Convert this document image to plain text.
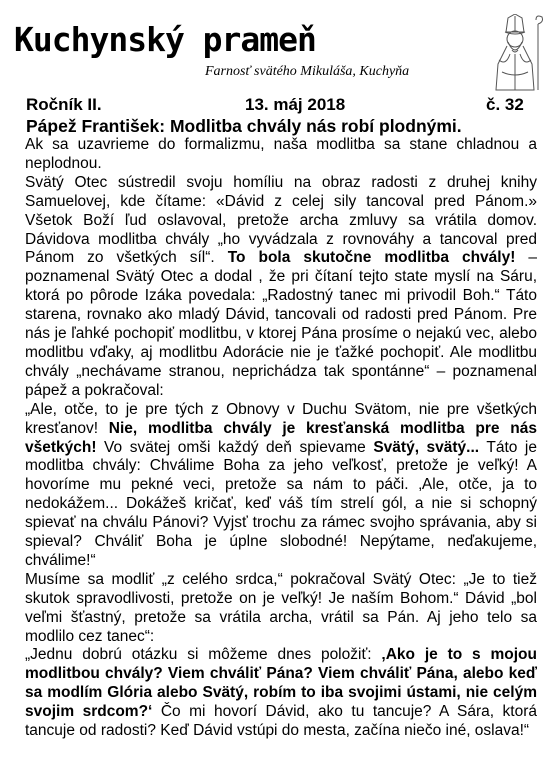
Kuchynský prameň
Farnosť svätého Mikuláša, Kuchyňa
Ročník II.	13. máj 2018	č. 32
Pápež František: Modlitba chvály nás robí plodnými.

Ak sa uzavrieme do formalizmu, naša modlitba sa stane chladnou a neplodnou.

Svätý Otec sústredil svoju homíliu na obraz radosti z druhej knihy Samuelovej, kde čítame: «Dávid z celej sily tancoval pred Pánom.» Všetok Boží ľud oslavoval, pretože archa zmluvy sa vrátila domov. Dávidova modlitba chvály „ho vyvádzala z rovnováhy a tancoval pred Pánom zo všetkých síl“. To bola skutočne modlitba chvály! – poznamenal Svätý Otec a dodal , že pri čítaní tejto state myslí na Sáru, ktorá po pôrode Izáka povedala: „Radostný tanec mi privodil Boh.“ Táto starena, rovnako ako mladý Dávid, tancovali od radosti pred Pánom. Pre nás je ľahké pochopiť modlitbu, v ktorej Pána prosíme o nejakú vec, alebo modlitbu vďaky, aj modlitbu Adorácie nie je ťažké pochopiť. Ale modlitbu chvály „nechávame stranou, neprichádza tak spontánne“ – poznamenal pápež a pokračoval:

„Ale, otče, to je pre tých z Obnovy v Duchu Svätom, nie pre všetkých kresťanov! Nie, modlitba chvály je kresťanská modlitba pre nás všetkých! Vo svätej omši každý deň spievame Svätý, svätý... Táto je modlitba chvály: Chválime Boha za jeho veľkosť, pretože je veľký! A hovoríme mu pekné veci, pretože sa nám to páči. ‚Ale, otče, ja to nedokážem... Dokážeš kričať, keď váš tím strelí gól, a nie si schopný spievať na chválu Pánovi? Vyjsť trochu za rámec svojho správania, aby si spieval? Chváliť Boha je úplne slobodné! Nepýtame, neďakujeme, chválime!“

Musíme sa modliť „z celého srdca,“ pokračoval Svätý Otec: „Je to tiež skutok spravodlivosti, pretože on je veľký! Je naším Bohom.“ Dávid „bol veľmi šťastný, pretože sa vrátila archa, vrátil sa Pán. Aj jeho telo sa modlilo cez tanec“:

„Jednu dobrú otázku si môžeme dnes položiť: ‚Ako je to s mojou modlitbou chvály? Viem chváliť Pána? Viem chváliť Pána, alebo keď sa modlím Glória alebo Svätý, robím to iba svojimi ústami, nie celým svojim srdcom?‘ Čo mi hovorí Dávid, ako tu tancuje? A Sára, ktorá tancuje od radosti? Keď Dávid vstúpi do mesta, začína niečo iné, oslava!“
